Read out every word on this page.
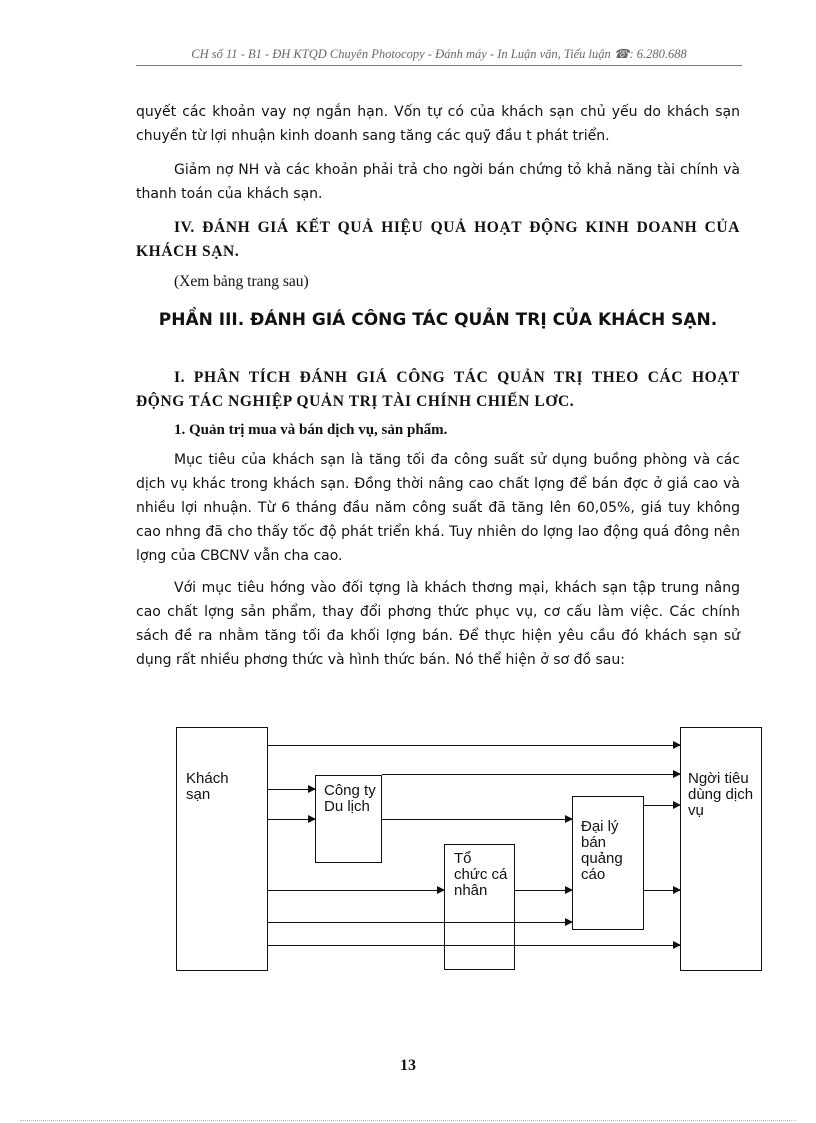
CH số 11 - B1 - ĐH KTQD Chuyên Photocopy - Đánh máy - In Luận văn, Tiểu luận ☎: 6.280.688

quyết các khoản vay nợ ngắn hạn. Vốn tự có của khách sạn chủ yếu do khách sạn chuyển từ lợi nhuận kinh doanh sang tăng các quỹ đầu t phát triển.

Giảm nợ NH và các khoản phải trả cho ngời bán chứng tỏ khả năng tài chính và thanh toán của khách sạn.

IV. ĐÁNH GIÁ KẾT QUẢ HIỆU QUẢ HOẠT ĐỘNG KINH DOANH CỦA KHÁCH SẠN.

(Xem bảng trang sau)

PHẦN III. ĐÁNH GIÁ CÔNG TÁC QUẢN TRỊ CỦA KHÁCH SẠN.

I. PHÂN TÍCH ĐÁNH GIÁ CÔNG TÁC QUẢN TRỊ THEO CÁC HOẠT ĐỘNG TÁC NGHIỆP QUẢN TRỊ TÀI CHÍNH CHIẾN LƠC.

1. Quản trị mua và bán dịch vụ, sản phẩm.

Mục tiêu của khách sạn là tăng tối đa công suất sử dụng buồng phòng và các dịch vụ khác trong khách sạn. Đồng thời nâng cao chất lợng để bán đợc ở giá cao và nhiều lợi nhuận. Từ 6 tháng đầu năm công suất đã tăng lên 60,05%, giá tuy không cao nhng đã cho thấy tốc độ phát triển khá. Tuy nhiên do lợng lao động quá đông nên lợng của CBCNV vẫn cha cao.

Với mục tiêu hớng vào đối tợng là khách thơng mại, khách sạn tập trung nâng cao chất lợng sản phẩm, thay đổi phơng thức phục vụ, cơ cấu làm việc. Các chính sách đề ra nhằm tăng tối đa khối lợng bán. Để thực hiện yêu cầu đó khách sạn sử dụng rất nhiều phơng thức và hình thức bán. Nó thể hiện ở sơ đồ sau:

Khách sạn
Ngời tiêu dùng dịch vụ
Công ty Du lịch
Tổ chức cá nhân
Đại lý bán quảng cáo
13
